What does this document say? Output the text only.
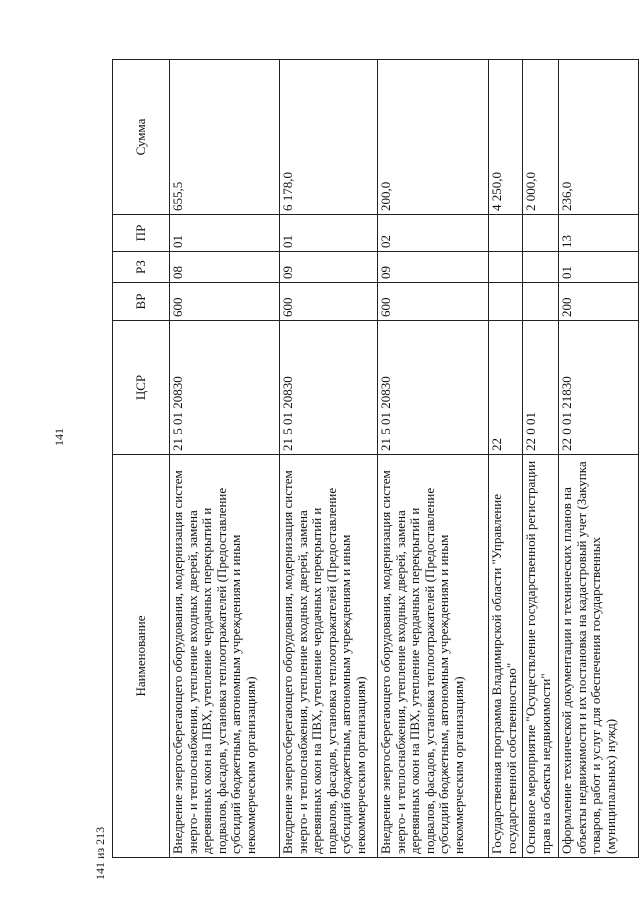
141
141 из 213
Наименование	ЦСР	ВР	РЗ	ПР	Сумма
Внедрение энергосберегающего оборудования, модернизация систем энерго- и теплоснабжения, утепление входных дверей, замена деревянных окон на ПВХ, утепление чердачных перекрытий и подвалов, фасадов, установка теплоотражателей (Предоставление субсидий бюджетным, автономным учреждениям и иным некоммерческим организациям)	21 5 01 20830	600	08	01	655,5
Внедрение энергосберегающего оборудования, модернизация систем энерго- и теплоснабжения, утепление входных дверей, замена деревянных окон на ПВХ, утепление чердачных перекрытий и подвалов, фасадов, установка теплоотражателей (Предоставление субсидий бюджетным, автономным учреждениям и иным некоммерческим организациям)	21 5 01 20830	600	09	01	6 178,0
Внедрение энергосберегающего оборудования, модернизация систем энерго- и теплоснабжения, утепление входных дверей, замена деревянных окон на ПВХ, утепление чердачных перекрытий и подвалов, фасадов, установка теплоотражателей (Предоставление субсидий бюджетным, автономным учреждениям и иным некоммерческим организациям)	21 5 01 20830	600	09	02	200,0
Государственная программа Владимирской области "Управление государственной собственностью"	22				4 250,0
Основное мероприятие "Осуществление государственной регистрации прав на объекты недвижимости"	22 0 01				2 000,0
Оформление технической документации и технических планов на объекты недвижимости и их постановка на кадастровый учет (Закупка товаров, работ и услуг для обеспечения государственных (муниципальных) нужд)	22 0 01 21830	200	01	13	236,0
